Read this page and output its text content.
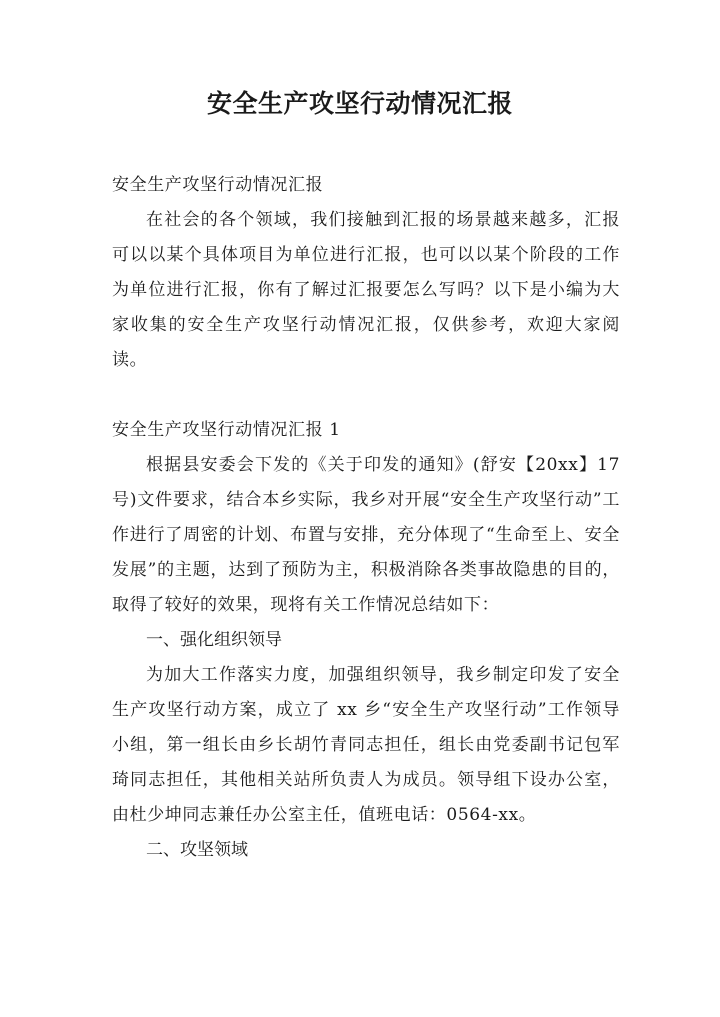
安全生产攻坚行动情况汇报

安全生产攻坚行动情况汇报

在社会的各个领域，我们接触到汇报的场景越来越多，汇报可以以某个具体项目为单位进行汇报，也可以以某个阶段的工作为单位进行汇报，你有了解过汇报要怎么写吗？以下是小编为大家收集的安全生产攻坚行动情况汇报，仅供参考，欢迎大家阅读。

安全生产攻坚行动情况汇报 1

根据县安委会下发的《关于印发的通知》(舒安【20xx】17号)文件要求，结合本乡实际，我乡对开展“安全生产攻坚行动”工作进行了周密的计划、布置与安排，充分体现了“生命至上、安全发展”的主题，达到了预防为主，积极消除各类事故隐患的目的，取得了较好的效果，现将有关工作情况总结如下：

一、强化组织领导

为加大工作落实力度，加强组织领导，我乡制定印发了安全生产攻坚行动方案，成立了 xx 乡“安全生产攻坚行动”工作领导小组，第一组长由乡长胡竹青同志担任，组长由党委副书记包军琦同志担任，其他相关站所负责人为成员。领导组下设办公室，由杜少坤同志兼任办公室主任，值班电话：0564-xx。

二、攻坚领域
